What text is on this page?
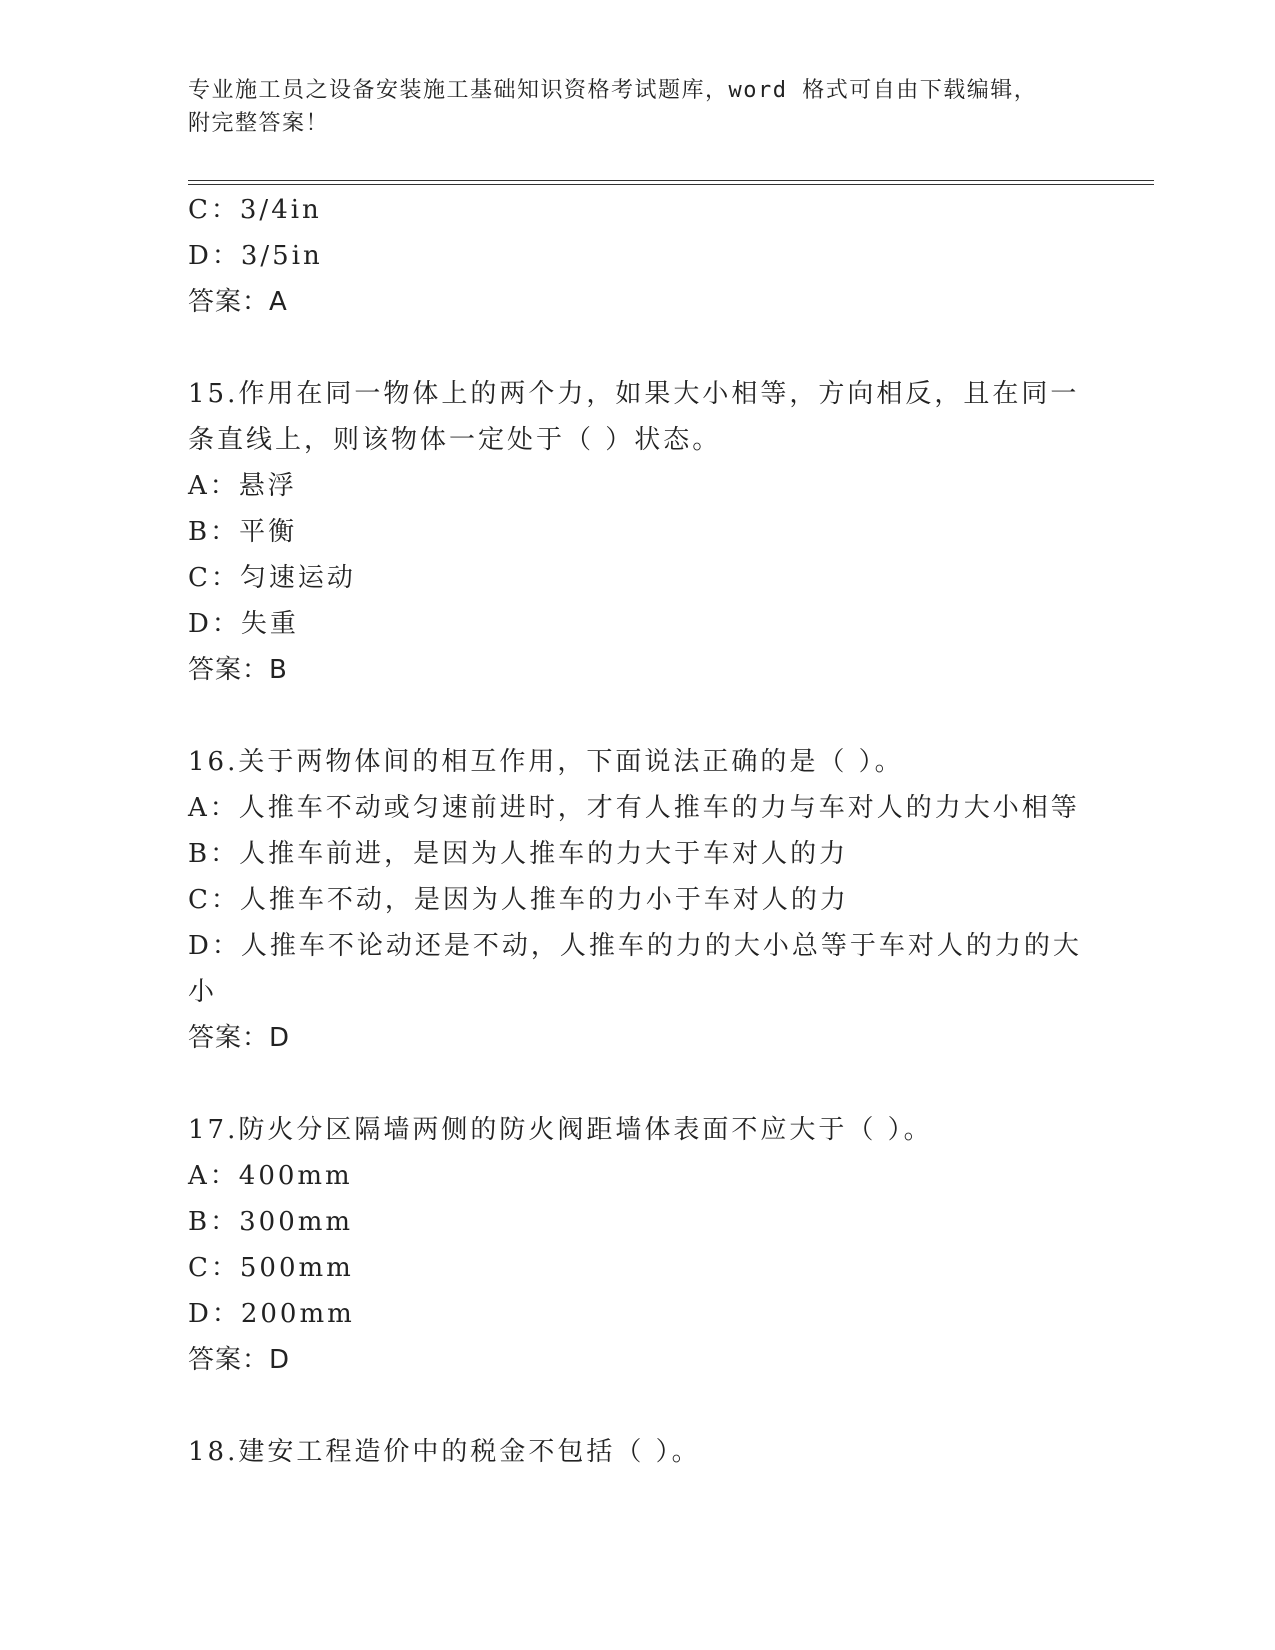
专业施工员之设备安装施工基础知识资格考试题库，word 格式可自由下载编辑，
附完整答案！
C：3/4in
D：3/5in
答案：A
15.作用在同一物体上的两个力，如果大小相等，方向相反，且在同一
条直线上，则该物体一定处于（ ）状态。
A：悬浮
B：平衡
C：匀速运动
D：失重
答案：B
16.关于两物体间的相互作用，下面说法正确的是（ ）。
A：人推车不动或匀速前进时，才有人推车的力与车对人的力大小相等
B：人推车前进，是因为人推车的力大于车对人的力
C：人推车不动，是因为人推车的力小于车对人的力
D：人推车不论动还是不动，人推车的力的大小总等于车对人的力的大
小
答案：D
17.防火分区隔墙两侧的防火阀距墙体表面不应大于（ ）。
A：400mm
B：300mm
C：500mm
D：200mm
答案：D
18.建安工程造价中的税金不包括（ ）。
